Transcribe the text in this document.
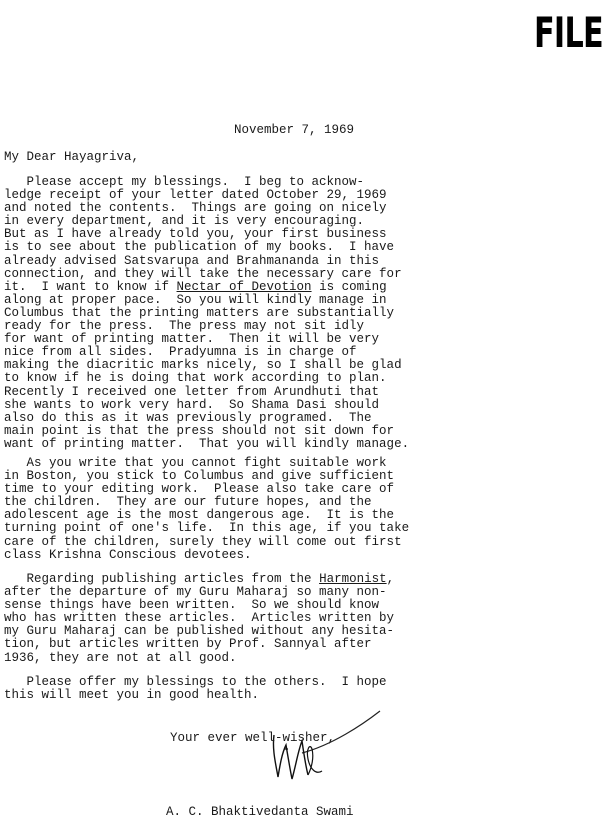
FILE
November 7, 1969
My Dear Hayagriva,
Please accept my blessings.  I beg to acknow-
ledge receipt of your letter dated October 29, 1969
and noted the contents.  Things are going on nicely
in every department, and it is very encouraging.
But as I have already told you, your first business
is to see about the publication of my books.  I have
already advised Satsvarupa and Brahmananda in this
connection, and they will take the necessary care for
it.  I want to know if Nectar of Devotion is coming
along at proper pace.  So you will kindly manage in
Columbus that the printing matters are substantially
ready for the press.  The press may not sit idly
for want of printing matter.  Then it will be very
nice from all sides.  Pradyumna is in charge of
making the diacritic marks nicely, so I shall be glad
to know if he is doing that work according to plan.
Recently I received one letter from Arundhuti that
she wants to work very hard.  So Shama Dasi should
also do this as it was previously programed.  The
main point is that the press should not sit down for
want of printing matter.  That you will kindly manage.
As you write that you cannot fight suitable work
in Boston, you stick to Columbus and give sufficient
time to your editing work.  Please also take care of
the children.  They are our future hopes, and the
adolescent age is the most dangerous age.  It is the
turning point of one's life.  In this age, if you take
care of the children, surely they will come out first
class Krishna Conscious devotees.
Regarding publishing articles from the Harmonist,
after the departure of my Guru Maharaj so many non-
sense things have been written.  So we should know
who has written these articles.  Articles written by
my Guru Maharaj can be published without any hesita-
tion, but articles written by Prof. Sannyal after
1936, they are not at all good.
Please offer my blessings to the others.  I hope
this will meet you in good health.
Your ever well-wisher,
A. C. Bhaktivedanta Swami
